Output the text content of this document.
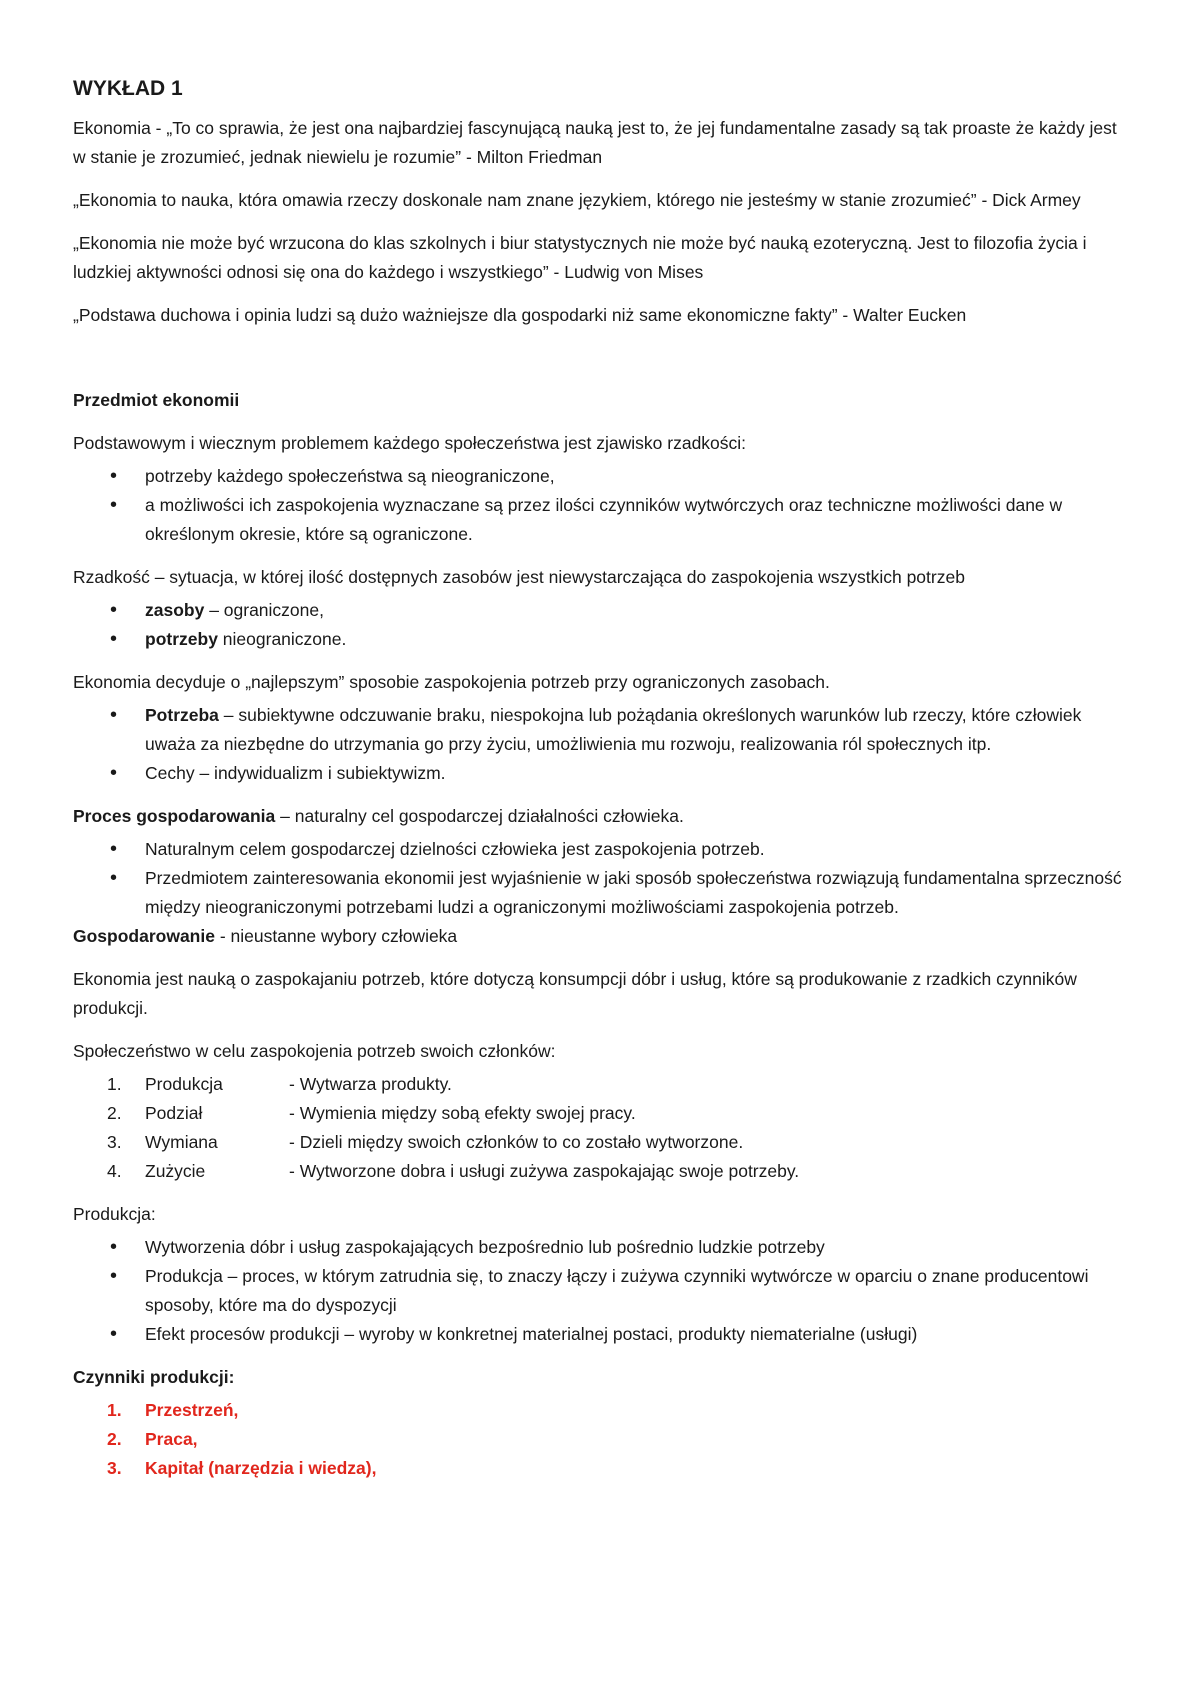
WYKŁAD 1

Ekonomia - „To co sprawia, że jest ona najbardziej fascynującą nauką jest to, że jej fundamentalne zasady są tak proaste że każdy jest w stanie je zrozumieć, jednak niewielu je rozumie” - Milton Friedman

„Ekonomia to nauka, która omawia rzeczy doskonale nam znane językiem, którego nie jesteśmy w stanie zrozumieć” - Dick Armey

„Ekonomia nie może być wrzucona do klas szkolnych i biur statystycznych nie może być nauką ezoteryczną. Jest to filozofia życia i ludzkiej aktywności odnosi się ona do każdego i wszystkiego” - Ludwig von Mises

„Podstawa duchowa i opinia ludzi są dużo ważniejsze dla gospodarki niż same ekonomiczne fakty” - Walter Eucken

Przedmiot ekonomii

Podstawowym i wiecznym problemem każdego społeczeństwa jest zjawisko rzadkości:

• potrzeby każdego społeczeństwa są nieograniczone,
• a możliwości ich zaspokojenia wyznaczane są przez ilości czynników wytwórczych oraz techniczne możliwości dane w określonym okresie, które są ograniczone.

Rzadkość – sytuacja, w której ilość dostępnych zasobów jest niewystarczająca do zaspokojenia wszystkich potrzeb

• zasoby – ograniczone,
• potrzeby nieograniczone.

Ekonomia decyduje o „najlepszym” sposobie zaspokojenia potrzeb przy ograniczonych zasobach.

• Potrzeba – subiektywne odczuwanie braku, niespokojna lub pożądania określonych warunków lub rzeczy, które człowiek uważa za niezbędne do utrzymania go przy życiu, umożliwienia mu rozwoju, realizowania ról społecznych itp.
• Cechy – indywidualizm i subiektywizm.

Proces gospodarowania – naturalny cel gospodarczej działalności człowieka.

• Naturalnym celem gospodarczej dzielności człowieka jest zaspokojenia potrzeb.
• Przedmiotem zainteresowania ekonomii jest wyjaśnienie w jaki sposób społeczeństwa rozwiązują fundamentalna sprzeczność między nieograniczonymi potrzebami ludzi a ograniczonymi możliwościami zaspokojenia potrzeb.

Gospodarowanie - nieustanne wybory człowieka

Ekonomia jest nauką o zaspokajaniu potrzeb, które dotyczą konsumpcji dóbr i usług, które są produkowanie z rzadkich czynników produkcji.

Społeczeństwo w celu zaspokojenia potrzeb swoich członków:

1.	Produkcja	- Wytwarza produkty.
2.	Podział	- Wymienia między sobą efekty swojej pracy.
3.	Wymiana	- Dzieli między swoich członków to co zostało wytworzone.
4.	Zużycie	- Wytworzone dobra i usługi zużywa zaspokajając swoje potrzeby.

Produkcja:

• Wytworzenia dóbr i usług zaspokajających bezpośrednio lub pośrednio ludzkie potrzeby
• Produkcja – proces, w którym zatrudnia się, to znaczy łączy i zużywa czynniki wytwórcze w oparciu o znane producentowi sposoby, które ma do dyspozycji
• Efekt procesów produkcji – wyroby w konkretnej materialnej postaci, produkty niematerialne (usługi)

Czynniki produkcji:

1.	Przestrzeń,
2.	Praca,
3.	Kapitał (narzędzia i wiedza),
